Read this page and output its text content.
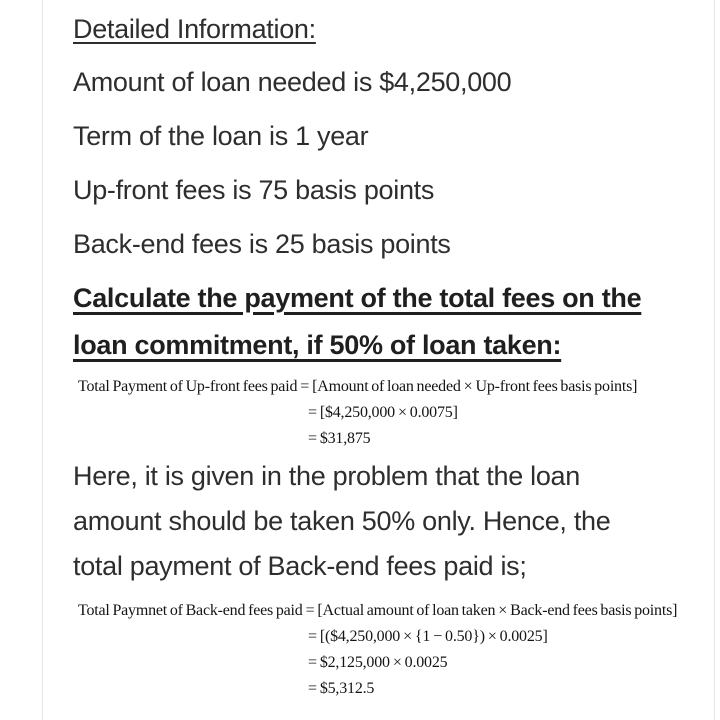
Detailed Information:

Amount of loan needed is $4,250,000

Term of the loan is 1 year

Up-front fees is 75 basis points

Back-end fees is 25 basis points

Calculate the payment of the total fees on the
loan commitment, if 50% of loan taken:
Total Payment of Up-front fees paid = [Amount of loan needed × Up-front fees basis points]
= [$4,250,000 × 0.0075]
= $31,875
Here, it is given in the problem that the loan
amount should be taken 50% only. Hence, the
total payment of Back-end fees paid is;
Total Paymnet of Back-end fees paid = [Actual amount of loan taken × Back-end fees basis points]
= [($4,250,000 × {1 − 0.50}) × 0.0025]
= $2,125,000 × 0.0025
= $5,312.5
